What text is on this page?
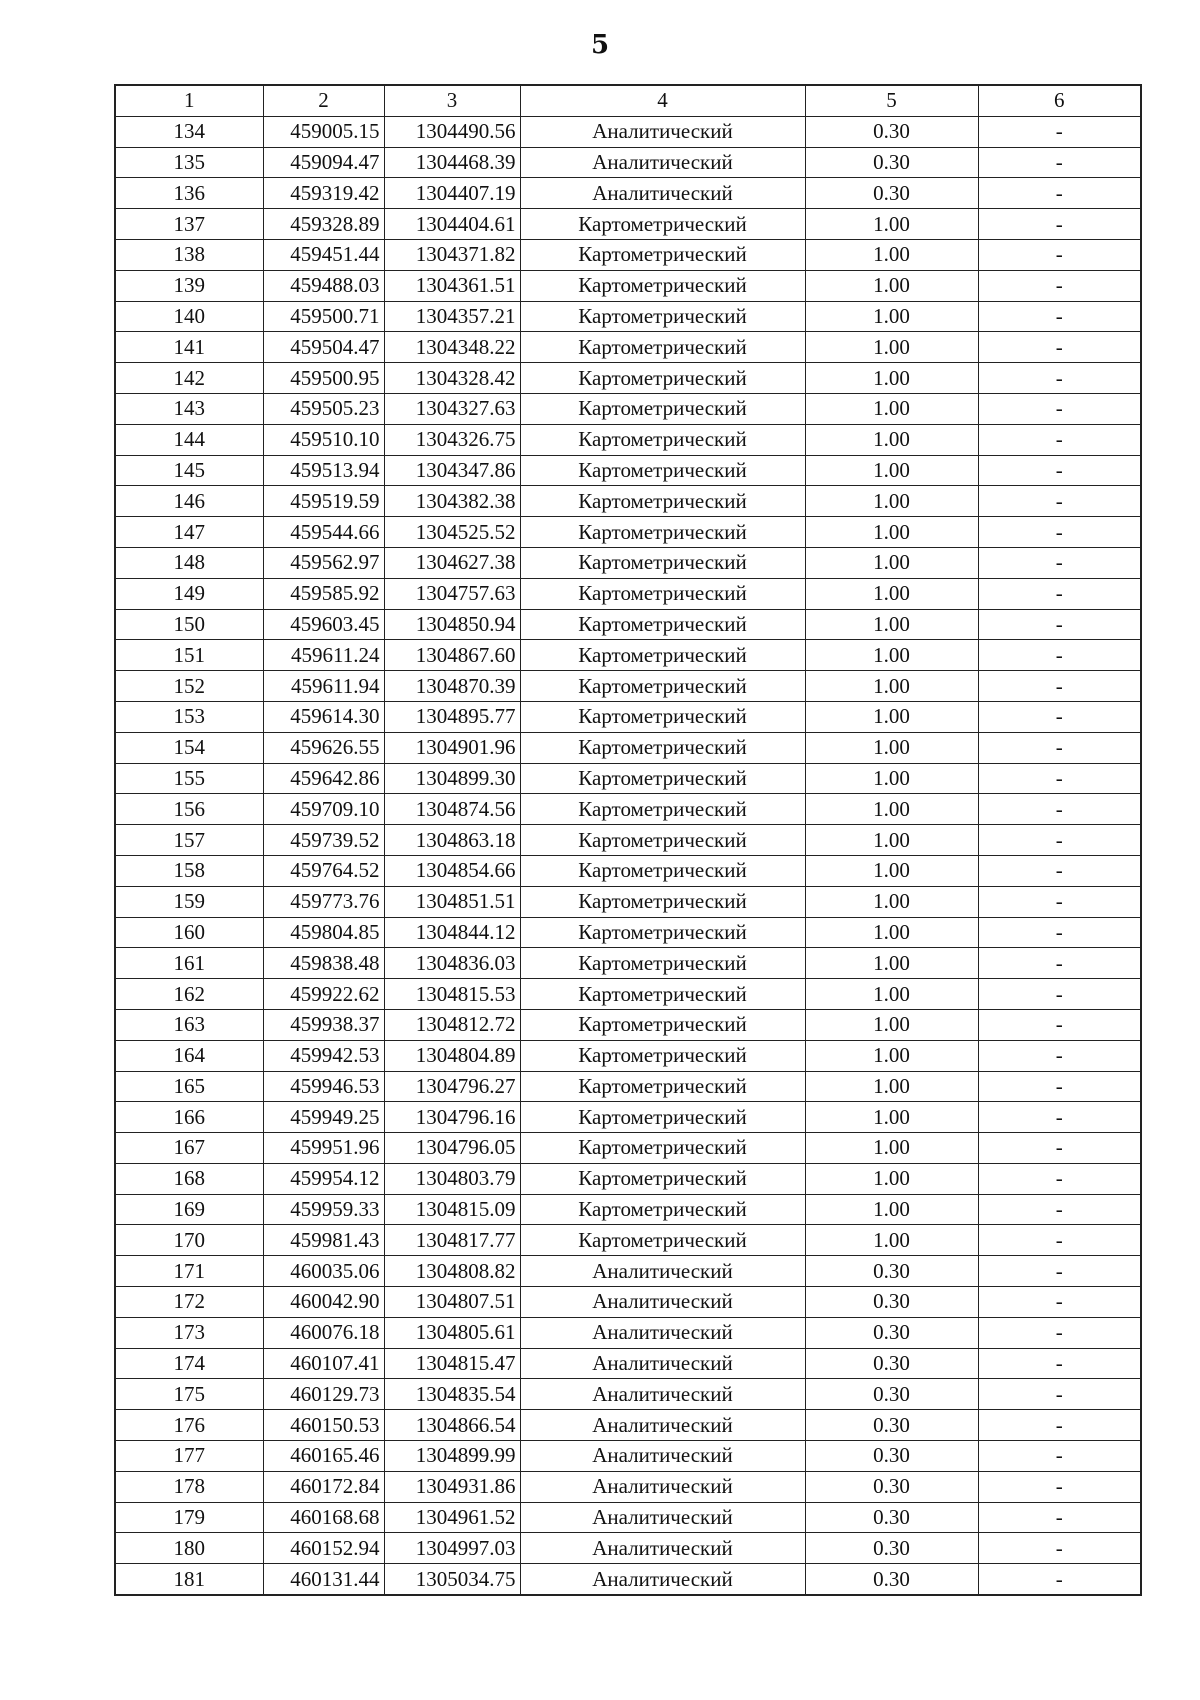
5
1	2	3	4	5	6
134	459005.15	1304490.56	Аналитический	0.30	-
135	459094.47	1304468.39	Аналитический	0.30	-
136	459319.42	1304407.19	Аналитический	0.30	-
137	459328.89	1304404.61	Картометрический	1.00	-
138	459451.44	1304371.82	Картометрический	1.00	-
139	459488.03	1304361.51	Картометрический	1.00	-
140	459500.71	1304357.21	Картометрический	1.00	-
141	459504.47	1304348.22	Картометрический	1.00	-
142	459500.95	1304328.42	Картометрический	1.00	-
143	459505.23	1304327.63	Картометрический	1.00	-
144	459510.10	1304326.75	Картометрический	1.00	-
145	459513.94	1304347.86	Картометрический	1.00	-
146	459519.59	1304382.38	Картометрический	1.00	-
147	459544.66	1304525.52	Картометрический	1.00	-
148	459562.97	1304627.38	Картометрический	1.00	-
149	459585.92	1304757.63	Картометрический	1.00	-
150	459603.45	1304850.94	Картометрический	1.00	-
151	459611.24	1304867.60	Картометрический	1.00	-
152	459611.94	1304870.39	Картометрический	1.00	-
153	459614.30	1304895.77	Картометрический	1.00	-
154	459626.55	1304901.96	Картометрический	1.00	-
155	459642.86	1304899.30	Картометрический	1.00	-
156	459709.10	1304874.56	Картометрический	1.00	-
157	459739.52	1304863.18	Картометрический	1.00	-
158	459764.52	1304854.66	Картометрический	1.00	-
159	459773.76	1304851.51	Картометрический	1.00	-
160	459804.85	1304844.12	Картометрический	1.00	-
161	459838.48	1304836.03	Картометрический	1.00	-
162	459922.62	1304815.53	Картометрический	1.00	-
163	459938.37	1304812.72	Картометрический	1.00	-
164	459942.53	1304804.89	Картометрический	1.00	-
165	459946.53	1304796.27	Картометрический	1.00	-
166	459949.25	1304796.16	Картометрический	1.00	-
167	459951.96	1304796.05	Картометрический	1.00	-
168	459954.12	1304803.79	Картометрический	1.00	-
169	459959.33	1304815.09	Картометрический	1.00	-
170	459981.43	1304817.77	Картометрический	1.00	-
171	460035.06	1304808.82	Аналитический	0.30	-
172	460042.90	1304807.51	Аналитический	0.30	-
173	460076.18	1304805.61	Аналитический	0.30	-
174	460107.41	1304815.47	Аналитический	0.30	-
175	460129.73	1304835.54	Аналитический	0.30	-
176	460150.53	1304866.54	Аналитический	0.30	-
177	460165.46	1304899.99	Аналитический	0.30	-
178	460172.84	1304931.86	Аналитический	0.30	-
179	460168.68	1304961.52	Аналитический	0.30	-
180	460152.94	1304997.03	Аналитический	0.30	-
181	460131.44	1305034.75	Аналитический	0.30	-
